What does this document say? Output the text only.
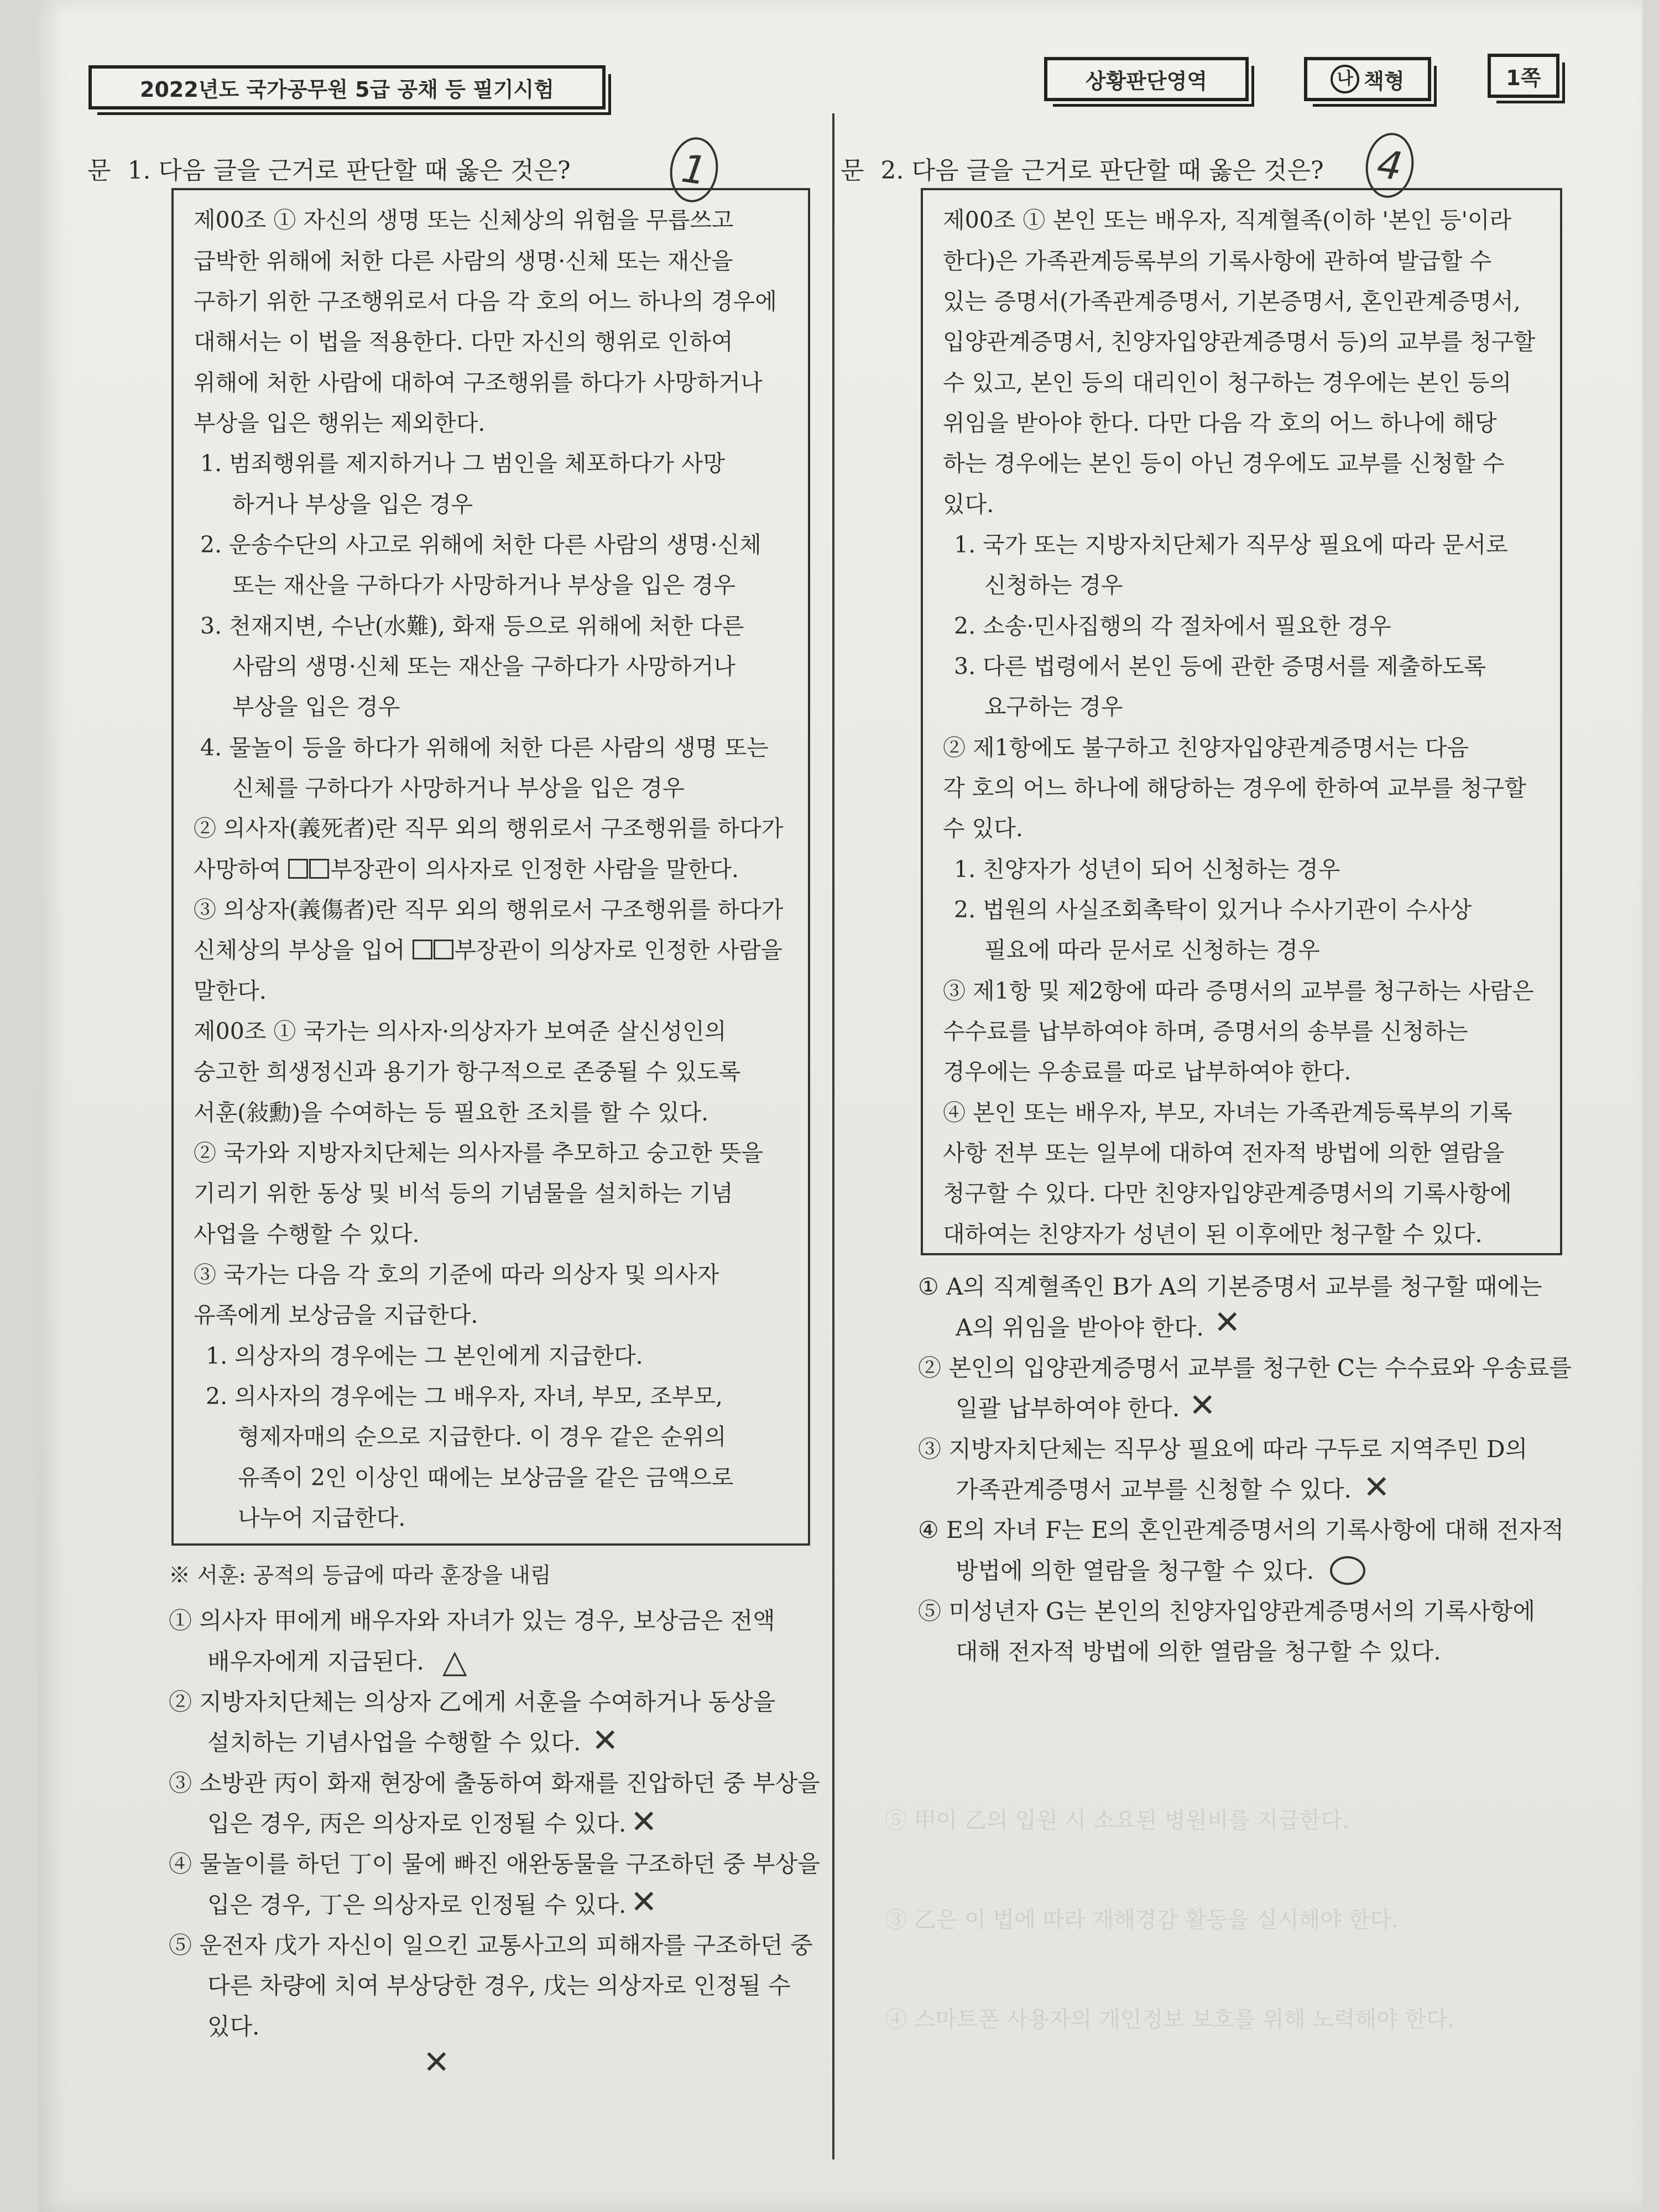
⑤ 甲이 乙의 입원 시 소요된 병원비를 지급한다.
③ 乙은 이 법에 따라 재해경감 활동을 실시해야 한다.
④ 스마트폰 사용자의 개인정보 보호를 위해 노력해야 한다.
2022년도 국가공무원 5급 공채 등 필기시험	상황판단영역	나 책형	1쪽
문 1. 다음 글을 근거로 판단할 때 옳은 것은?	1
제00조 ① 자신의 생명 또는 신체상의 위험을 무릅쓰고
급박한 위해에 처한 다른 사람의 생명·신체 또는 재산을
구하기 위한 구조행위로서 다음 각 호의 어느 하나의 경우에
대해서는 이 법을 적용한다. 다만 자신의 행위로 인하여
위해에 처한 사람에 대하여 구조행위를 하다가 사망하거나
부상을 입은 행위는 제외한다.
1. 범죄행위를 제지하거나 그 범인을 체포하다가 사망
하거나 부상을 입은 경우
2. 운송수단의 사고로 위해에 처한 다른 사람의 생명·신체
또는 재산을 구하다가 사망하거나 부상을 입은 경우
3. 천재지변, 수난(水難), 화재 등으로 위해에 처한 다른
사람의 생명·신체 또는 재산을 구하다가 사망하거나
부상을 입은 경우
4. 물놀이 등을 하다가 위해에 처한 다른 사람의 생명 또는
신체를 구하다가 사망하거나 부상을 입은 경우
② 의사자(義死者)란 직무 외의 행위로서 구조행위를 하다가
사망하여 부장관이 의사자로 인정한 사람을 말한다.
③ 의상자(義傷者)란 직무 외의 행위로서 구조행위를 하다가
신체상의 부상을 입어 부장관이 의상자로 인정한 사람을
말한다.
제00조 ① 국가는 의사자·의상자가 보여준 살신성인의
숭고한 희생정신과 용기가 항구적으로 존중될 수 있도록
서훈(敍勳)을 수여하는 등 필요한 조치를 할 수 있다.
② 국가와 지방자치단체는 의사자를 추모하고 숭고한 뜻을
기리기 위한 동상 및 비석 등의 기념물을 설치하는 기념
사업을 수행할 수 있다.
③ 국가는 다음 각 호의 기준에 따라 의상자 및 의사자
유족에게 보상금을 지급한다.
1. 의상자의 경우에는 그 본인에게 지급한다.
2. 의사자의 경우에는 그 배우자, 자녀, 부모, 조부모,
형제자매의 순으로 지급한다. 이 경우 같은 순위의
유족이 2인 이상인 때에는 보상금을 같은 금액으로
나누어 지급한다.
※ 서훈: 공적의 등급에 따라 훈장을 내림
① 의사자 甲에게 배우자와 자녀가 있는 경우, 보상금은 전액
배우자에게 지급된다.
② 지방자치단체는 의상자 乙에게 서훈을 수여하거나 동상을
설치하는 기념사업을 수행할 수 있다.
③ 소방관 丙이 화재 현장에 출동하여 화재를 진압하던 중 부상을
입은 경우, 丙은 의상자로 인정될 수 있다.
④ 물놀이를 하던 丁이 물에 빠진 애완동물을 구조하던 중 부상을
입은 경우, 丁은 의상자로 인정될 수 있다.
⑤ 운전자 戊가 자신이 일으킨 교통사고의 피해자를 구조하던 중
다른 차량에 치여 부상당한 경우, 戊는 의상자로 인정될 수
있다.
△
✕
✕
✕
✕
문 2. 다음 글을 근거로 판단할 때 옳은 것은? 4
제00조 ① 본인 또는 배우자, 직계혈족(이하 '본인 등'이라
한다)은 가족관계등록부의 기록사항에 관하여 발급할 수
있는 증명서(가족관계증명서, 기본증명서, 혼인관계증명서,
입양관계증명서, 친양자입양관계증명서 등)의 교부를 청구할
수 있고, 본인 등의 대리인이 청구하는 경우에는 본인 등의
위임을 받아야 한다. 다만 다음 각 호의 어느 하나에 해당
하는 경우에는 본인 등이 아닌 경우에도 교부를 신청할 수
있다.
1. 국가 또는 지방자치단체가 직무상 필요에 따라 문서로
신청하는 경우
2. 소송·민사집행의 각 절차에서 필요한 경우
3. 다른 법령에서 본인 등에 관한 증명서를 제출하도록
요구하는 경우
② 제1항에도 불구하고 친양자입양관계증명서는 다음
각 호의 어느 하나에 해당하는 경우에 한하여 교부를 청구할
수 있다.
1. 친양자가 성년이 되어 신청하는 경우
2. 법원의 사실조회촉탁이 있거나 수사기관이 수사상
필요에 따라 문서로 신청하는 경우
③ 제1항 및 제2항에 따라 증명서의 교부를 청구하는 사람은
수수료를 납부하여야 하며, 증명서의 송부를 신청하는
경우에는 우송료를 따로 납부하여야 한다.
④ 본인 또는 배우자, 부모, 자녀는 가족관계등록부의 기록
사항 전부 또는 일부에 대하여 전자적 방법에 의한 열람을
청구할 수 있다. 다만 친양자입양관계증명서의 기록사항에
대하여는 친양자가 성년이 된 이후에만 청구할 수 있다.
① A의 직계혈족인 B가 A의 기본증명서 교부를 청구할 때에는
A의 위임을 받아야 한다.
② 본인의 입양관계증명서 교부를 청구한 C는 수수료와 우송료를
일괄 납부하여야 한다.
③ 지방자치단체는 직무상 필요에 따라 구두로 지역주민 D의
가족관계증명서 교부를 신청할 수 있다.
④ E의 자녀 F는 E의 혼인관계증명서의 기록사항에 대해 전자적
방법에 의한 열람을 청구할 수 있다.
⑤ 미성년자 G는 본인의 친양자입양관계증명서의 기록사항에
대해 전자적 방법에 의한 열람을 청구할 수 있다.
✕
✕
✕
